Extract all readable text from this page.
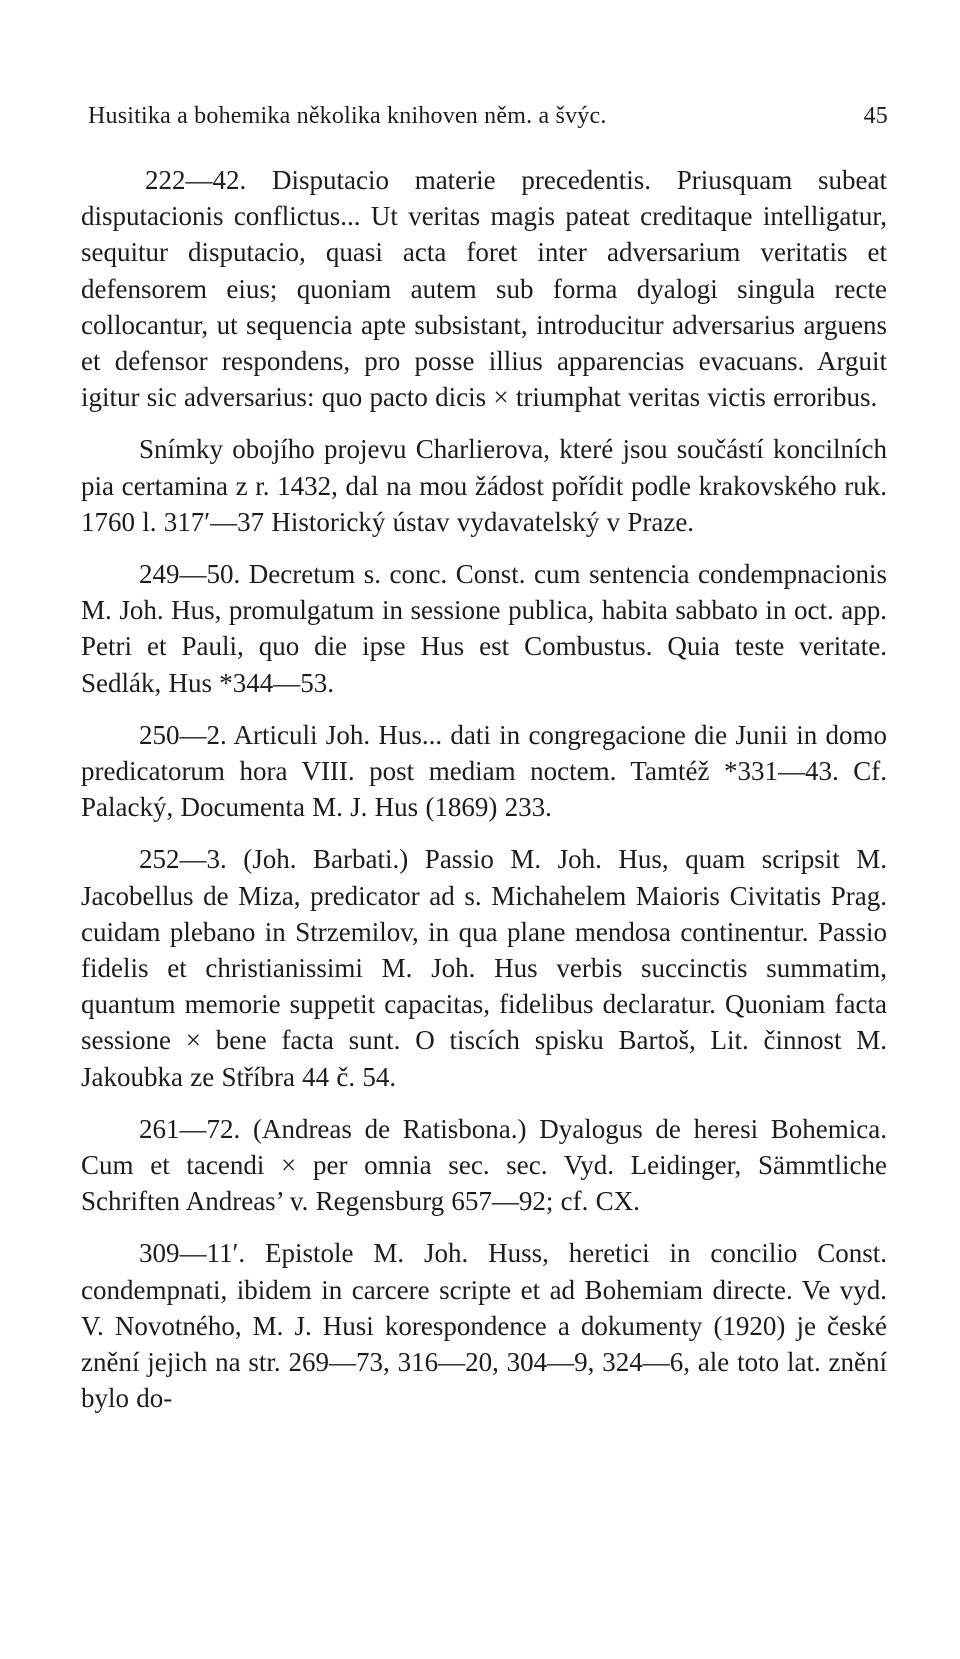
Husitika a bohemika několika knihoven něm. a švýc.	45

222—42. Disputacio materie precedentis. Priusquam subeat disputacionis conflictus... Ut veritas magis pateat creditaque intelligatur, sequitur disputacio, quasi acta foret inter adversarium veritatis et defensorem eius; quoniam autem sub forma dyalogi singula recte collocantur, ut sequencia apte subsistant, introducitur adversarius arguens et defensor respondens, pro posse illius apparencias evacuans. Arguit igitur sic adversarius: quo pacto dicis × triumphat veritas victis erroribus.

Snímky obojího projevu Charlierova, které jsou součástí koncilních pia certamina z r. 1432, dal na mou žádost pořídit podle krakovského ruk. 1760 l. 317′—37 Historický ústav vydavatelský v Praze.

249—50. Decretum s. conc. Const. cum sentencia condempnacionis M. Joh. Hus, promulgatum in sessione publica, habita sabbato in oct. app. Petri et Pauli, quo die ipse Hus est Combustus. Quia teste veritate. Sedlák, Hus *344—53.

250—2. Articuli Joh. Hus... dati in congregacione die Junii in domo predicatorum hora VIII. post mediam noctem. Tamtéž *331—43. Cf. Palacký, Documenta M. J. Hus (1869) 233.

252—3. (Joh. Barbati.) Passio M. Joh. Hus, quam scripsit M. Jacobellus de Miza, predicator ad s. Michahelem Maioris Civitatis Prag. cuidam plebano in Strzemilov, in qua plane mendosa continentur. Passio fidelis et christianissimi M. Joh. Hus verbis succinctis summatim, quantum memorie suppetit capacitas, fidelibus declaratur. Quoniam facta sessione × bene facta sunt. O tiscích spisku Bartoš, Lit. činnost M. Jakoubka ze Stříbra 44 č. 54.

261—72. (Andreas de Ratisbona.) Dyalogus de heresi Bohemica. Cum et tacendi × per omnia sec. sec. Vyd. Leidinger, Sämmtliche Schriften Andreas’ v. Regensburg 657—92; cf. CX.

309—11′. Epistole M. Joh. Huss, heretici in concilio Const. condempnati, ibidem in carcere scripte et ad Bohemiam directe. Ve vyd. V. Novotného, M. J. Husi korespondence a dokumenty (1920) je české znění jejich na str. 269—73, 316—20, 304—9, 324—6, ale toto lat. znění bylo do-
